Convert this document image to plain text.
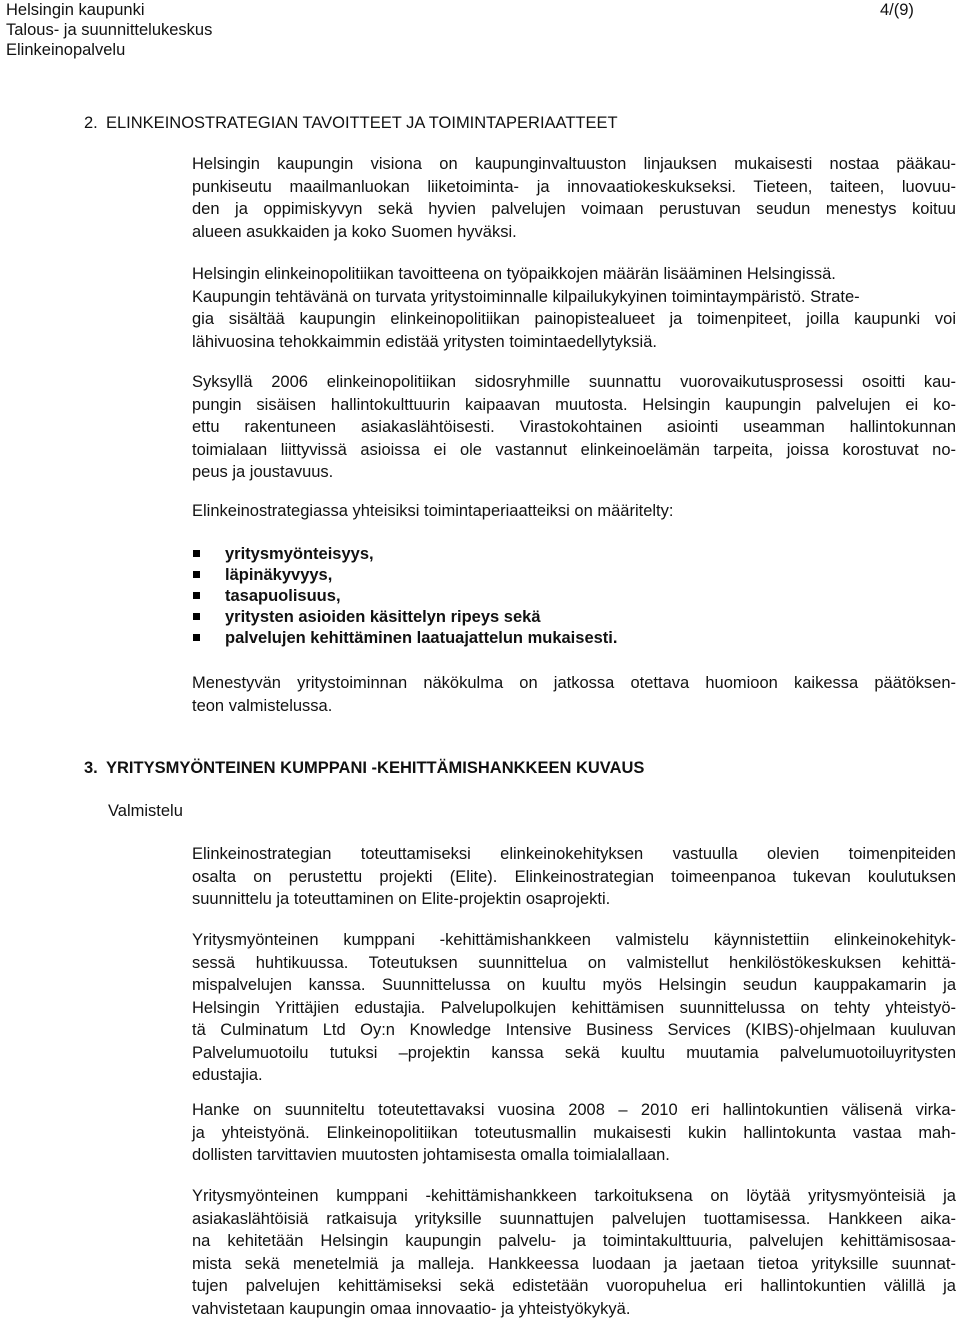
Helsingin kaupunki
Talous- ja suunnittelukeskus
Elinkeinopalvelu
4/(9)
2. ELINKEINOSTRATEGIAN TAVOITTEET JA TOIMINTAPERIAATTEET
Helsingin kaupungin visiona on kaupunginvaltuuston linjauksen mukaisesti nostaa pääkau-
punkiseutu maailmanluokan liiketoiminta- ja innovaatiokeskukseksi. Tieteen, taiteen, luovuu-
den ja oppimiskyvyn sekä hyvien palvelujen voimaan perustuvan seudun menestys koituu
alueen asukkaiden ja koko Suomen hyväksi.
Helsingin elinkeinopolitiikan tavoitteena on työpaikkojen määrän lisääminen Helsingissä.
Kaupungin tehtävänä on turvata yritystoiminnalle kilpailukykyinen toimintaympäristö. Strate-
gia sisältää kaupungin elinkeinopolitiikan painopistealueet ja toimenpiteet, joilla kaupunki voi
lähivuosina tehokkaimmin edistää yritysten toimintaedellytyksiä.
Syksyllä 2006 elinkeinopolitiikan sidosryhmille suunnattu vuorovaikutusprosessi osoitti kau-
pungin sisäisen hallintokulttuurin kaipaavan muutosta. Helsingin kaupungin palvelujen ei ko-
ettu rakentuneen asiakaslähtöisesti. Virastokohtainen asiointi useamman hallintokunnan
toimialaan liittyvissä asioissa ei ole vastannut elinkeinoelämän tarpeita, joissa korostuvat no-
peus ja joustavuus.
Elinkeinostrategiassa yhteisiksi toimintaperiaatteiksi on määritelty:
yritysmyönteisyys,
läpinäkyvyys,
tasapuolisuus,
yritysten asioiden käsittelyn ripeys sekä
palvelujen kehittäminen laatuajattelun mukaisesti.
Menestyvän yritystoiminnan näkökulma on jatkossa otettava huomioon kaikessa päätöksen-
teon valmistelussa.
3. YRITYSMYÖNTEINEN KUMPPANI -KEHITTÄMISHANKKEEN KUVAUS
Valmistelu
Elinkeinostrategian toteuttamiseksi elinkeinokehityksen vastuulla olevien toimenpiteiden
osalta on perustettu projekti (Elite). Elinkeinostrategian toimeenpanoa tukevan koulutuksen
suunnittelu ja toteuttaminen on Elite-projektin osaprojekti.
Yritysmyönteinen kumppani -kehittämishankkeen valmistelu käynnistettiin elinkeinokehityk-
sessä huhtikuussa. Toteutuksen suunnittelua on valmistellut henkilöstökeskuksen kehittä-
mispalvelujen kanssa. Suunnittelussa on kuultu myös Helsingin seudun kauppakamarin ja
Helsingin Yrittäjien edustajia. Palvelupolkujen kehittämisen suunnittelussa on tehty yhteistyö-
tä Culminatum Ltd Oy:n Knowledge Intensive Business Services (KIBS)-ohjelmaan kuuluvan
Palvelumuotoilu tutuksi –projektin kanssa sekä kuultu muutamia palvelumuotoiluyritysten
edustajia.
Hanke on suunniteltu toteutettavaksi vuosina 2008 – 2010 eri hallintokuntien välisenä virka-
ja yhteistyönä. Elinkeinopolitiikan toteutusmallin mukaisesti kukin hallintokunta vastaa mah-
dollisten tarvittavien muutosten johtamisesta omalla toimialallaan.
Yritysmyönteinen kumppani -kehittämishankkeen tarkoituksena on löytää yritysmyönteisiä ja
asiakaslähtöisiä ratkaisuja yrityksille suunnattujen palvelujen tuottamisessa. Hankkeen aika-
na kehitetään Helsingin kaupungin palvelu- ja toimintakulttuuria, palvelujen kehittämisosaa-
mista sekä menetelmiä ja malleja. Hankkeessa luodaan ja jaetaan tietoa yrityksille suunnat-
tujen palvelujen kehittämiseksi sekä edistetään vuoropuhelua eri hallintokuntien välillä ja
vahvistetaan kaupungin omaa innovaatio- ja yhteistyökykyä.
